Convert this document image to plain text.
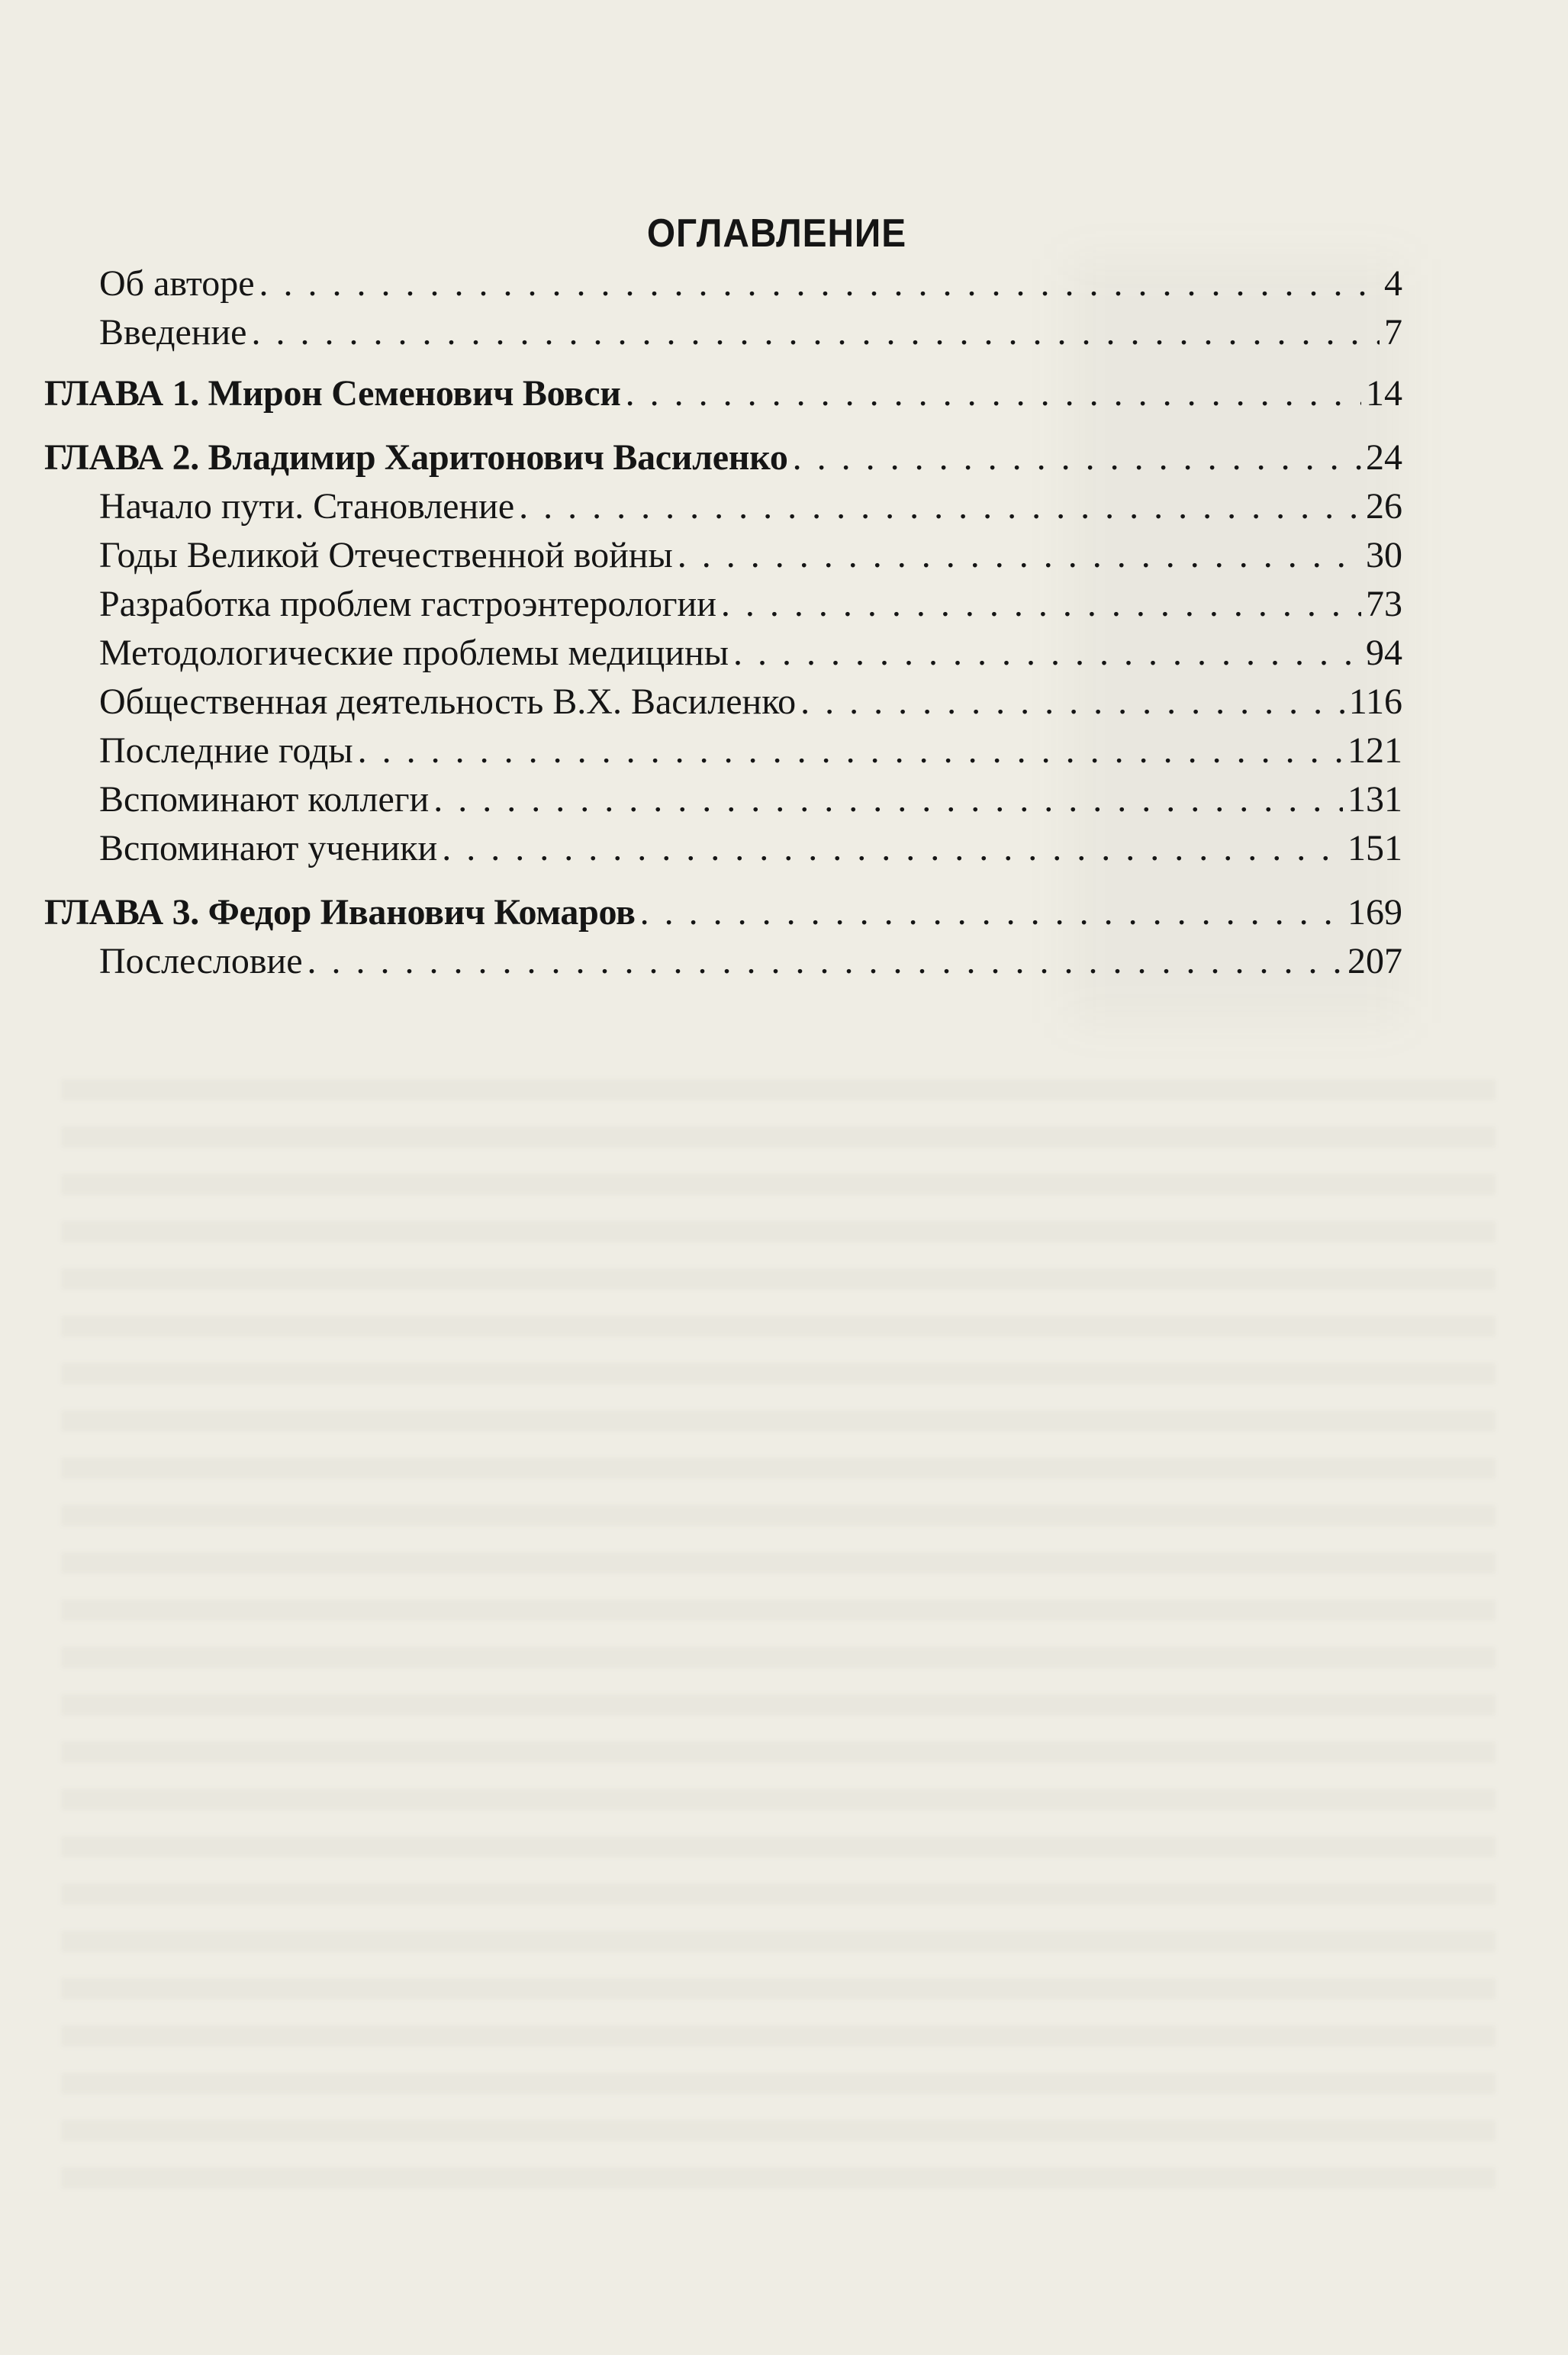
ОГЛАВЛЕНИЕ
Об авторе . . .	4
Введение . . .	7
ГЛАВА 1. Мирон Семенович Вовси . . .	14
ГЛАВА 2. Владимир Харитонович Василенко . . .	24
Начало пути. Становление . . .	26
Годы Великой Отечественной войны . . .	30
Разработка проблем гастроэнтерологии . . .	73
Методологические проблемы медицины . . .	94
Общественная деятельность В.Х. Василенко . . .	116
Последние годы . . .	121
Вспоминают коллеги . . .	131
Вспоминают ученики . . .	151
ГЛАВА 3. Федор Иванович Комаров . . .	169
Послесловие . . .	207
